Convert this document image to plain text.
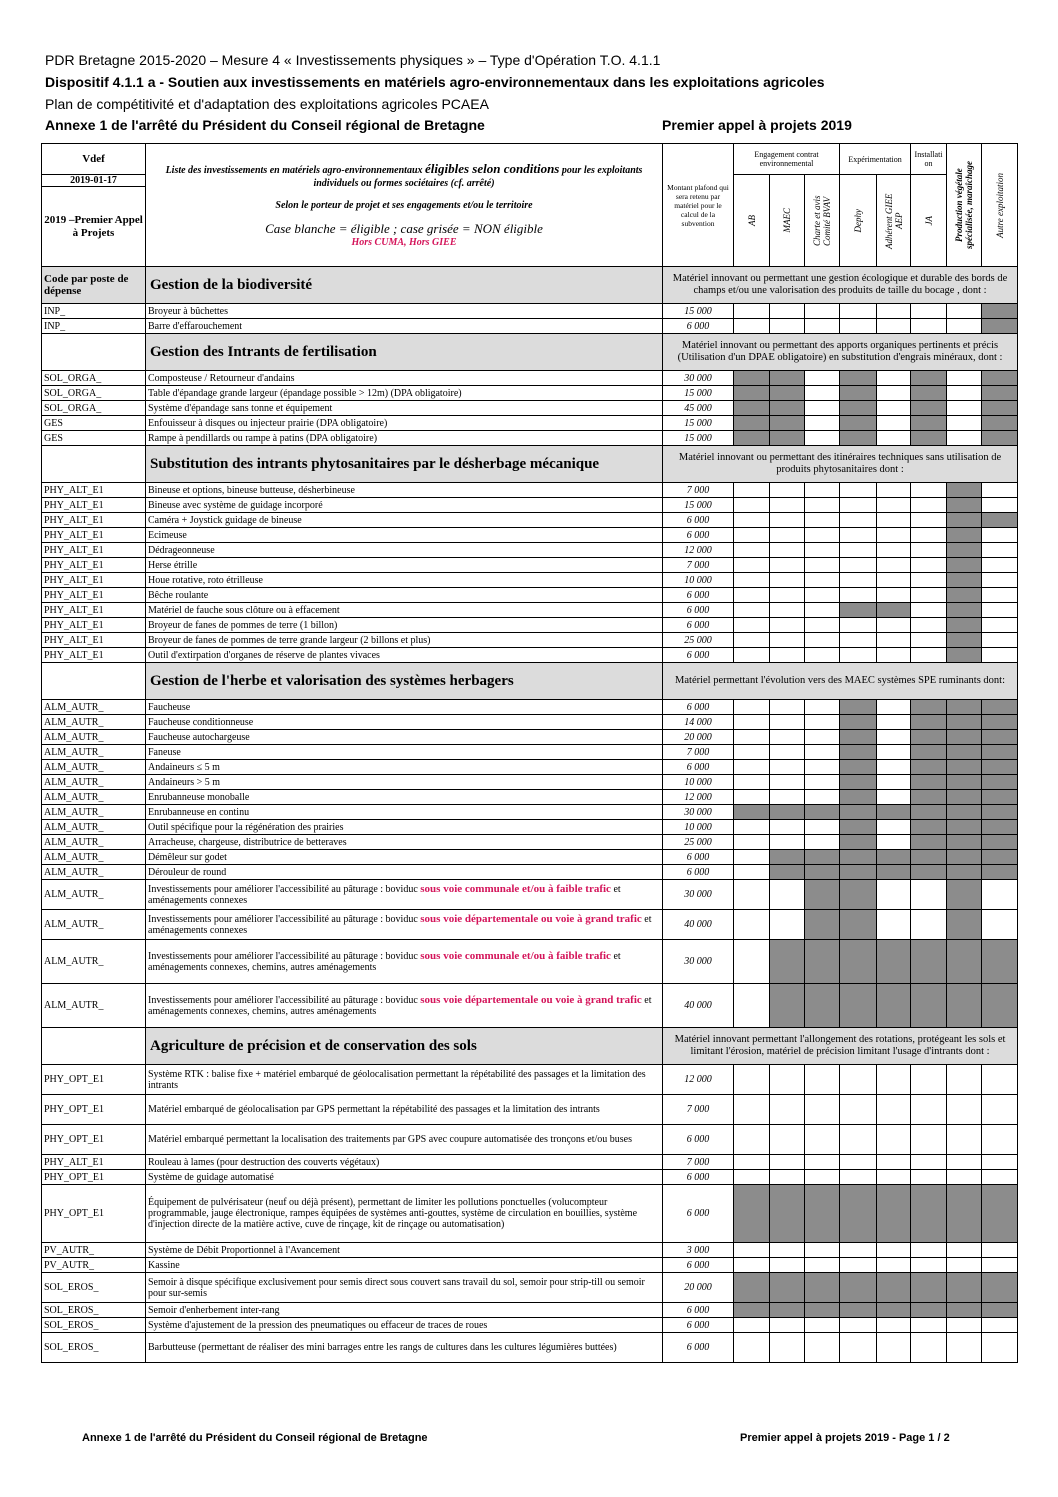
PDR Bretagne 2015-2020 – Mesure 4 « Investissements physiques » – Type d'Opération T.O. 4.1.1
Dispositif 4.1.1 a - Soutien aux investissements en matériels agro-environnementaux dans les exploitations agricoles
Plan de compétitivité et d'adaptation des exploitations agricoles PCAEA
Annexe 1 de l'arrêté du Président du Conseil régional de Bretagne	Premier appel à projets 2019
Vdef	Liste des investissements en matériels agro-environnementaux éligibles selon conditions pour les exploitants individuels ou formes sociétaires (cf. arrêté)
Selon le porteur de projet et ses engagements et/ou le territoire
Case blanche = éligible ; case grisée = NON éligible
Hors CUMA, Hors GIEE	Montant plafond qui sera retenu par matériel pour le calcul de la subvention	Engagement contrat environnemental			Expérimentation		Installation	Production végétale spécialisée, maraîchage	Autre exploitation

2019-01-17			AB	MAEC	Charte et avis Comité BVAV	Dephy	Adhérent GIEE AEP	JA		

2019 –Premier Appel à Projets										
Code par poste de dépense	Gestion de la biodiversité	Matériel innovant ou permettant une gestion écologique et durable des bords de champs et/ou une valorisation des produits de taille du bocage , dont :								
INP_	Broyeur à bûchettes	15 000								
INP_	Barre d'effarouchement	6 000								
	Gestion des Intrants de fertilisation	Matériel innovant ou permettant des apports organiques pertinents et précis (Utilisation d'un DPAE obligatoire) en substitution d'engrais minéraux, dont :								
SOL_ORGA_	Composteuse / Retourneur d'andains	30 000								
SOL_ORGA_	Table d'épandage grande largeur (épandage possible > 12m) (DPA obligatoire)	15 000								
SOL_ORGA_	Système d'épandage sans tonne et équipement	45 000								
GES	Enfouisseur à disques ou injecteur prairie (DPA obligatoire)	15 000								
GES	Rampe à pendillards ou rampe à patins (DPA obligatoire)	15 000								
	Substitution des intrants phytosanitaires par le désherbage mécanique	Matériel innovant ou permettant des itinéraires techniques sans utilisation de produits phytosanitaires dont :								
PHY_ALT_E1	Bineuse et options, bineuse butteuse, désherbineuse	7 000								
PHY_ALT_E1	Bineuse avec système de guidage incorporé	15 000								
PHY_ALT_E1	Caméra + Joystick guidage de bineuse	6 000								
PHY_ALT_E1	Ecimeuse	6 000								
PHY_ALT_E1	Dédrageonneuse	12 000								
PHY_ALT_E1	Herse étrille	7 000								
PHY_ALT_E1	Houe rotative, roto étrilleuse	10 000								
PHY_ALT_E1	Bêche roulante	6 000								
PHY_ALT_E1	Matériel de fauche sous clôture ou à effacement	6 000								
PHY_ALT_E1	Broyeur de fanes de pommes de terre (1 billon)	6 000								
PHY_ALT_E1	Broyeur de fanes de pommes de terre grande largeur (2 billons et plus)	25 000								
PHY_ALT_E1	Outil d'extirpation d'organes de réserve de plantes vivaces	6 000								
	Gestion de l'herbe et valorisation des systèmes herbagers	Matériel permettant l'évolution vers des MAEC systèmes SPE ruminants dont:								
ALM_AUTR_	Faucheuse	6 000								
ALM_AUTR_	Faucheuse conditionneuse	14 000								
ALM_AUTR_	Faucheuse autochargeuse	20 000								
ALM_AUTR_	Faneuse	7 000								
ALM_AUTR_	Andaineurs ≤ 5 m	6 000								
ALM_AUTR_	Andaineurs > 5 m	10 000								
ALM_AUTR_	Enrubanneuse monoballe	12 000								
ALM_AUTR_	Enrubanneuse en continu	30 000								
ALM_AUTR_	Outil spécifique pour la régénération des prairies	10 000								
ALM_AUTR_	Arracheuse, chargeuse, distributrice de betteraves	25 000								
ALM_AUTR_	Démêleur sur godet	6 000								
ALM_AUTR_	Dérouleur de round	6 000								
ALM_AUTR_	Investissements pour améliorer l'accessibilité au pâturage : boviduc sous voie communale et/ou à faible trafic et aménagements connexes	30 000								
ALM_AUTR_	Investissements pour améliorer l'accessibilité au pâturage : boviduc sous voie départementale ou voie à grand trafic et aménagements connexes	40 000								
ALM_AUTR_	Investissements pour améliorer l'accessibilité au pâturage : boviduc sous voie communale et/ou à faible trafic et aménagements connexes, chemins, autres aménagements	30 000								
ALM_AUTR_	Investissements pour améliorer l'accessibilité au pâturage : boviduc sous voie départementale ou voie à grand trafic et aménagements connexes, chemins, autres aménagements	40 000								
	Agriculture de précision et de conservation des sols	Matériel innovant permettant l'allongement des rotations, protégeant les sols et limitant l'érosion, matériel de précision limitant l'usage d'intrants dont :								
PHY_OPT_E1	Système RTK : balise fixe + matériel embarqué de géolocalisation permettant la répétabilité des passages et la limitation des intrants	12 000								
PHY_OPT_E1	Matériel embarqué de géolocalisation par GPS permettant la répétabilité des passages et la limitation des intrants	7 000								
PHY_OPT_E1	Matériel embarqué permettant la localisation des traitements par GPS avec coupure automatisée des tronçons et/ou buses	6 000								
PHY_ALT_E1	Rouleau à lames (pour destruction des couverts végétaux)	7 000								
PHY_OPT_E1	Système de guidage automatisé	6 000								
PHY_OPT_E1	Équipement de pulvérisateur (neuf ou déjà présent), permettant de limiter les pollutions ponctuelles (volucompteur programmable, jauge électronique, rampes équipées de systèmes anti-gouttes, système de circulation en bouillies, système d'injection directe de la matière active, cuve de rinçage, kit de rinçage ou automatisation)	6 000								
PV_AUTR_	Système de Débit Proportionnel à l'Avancement	3 000								
PV_AUTR_	Kassine	6 000								
SOL_EROS_	Semoir à disque spécifique exclusivement pour semis direct sous couvert sans travail du sol, semoir pour strip-till ou semoir pour sur-semis	20 000								
SOL_EROS_	Semoir d'enherbement inter-rang	6 000								
SOL_EROS_	Système d'ajustement de la pression des pneumatiques ou effaceur de traces de roues	6 000								
SOL_EROS_	Barbutteuse (permettant de réaliser des mini barrages entre les rangs de cultures dans les cultures légumières buttées)	6 000								
Annexe 1 de l'arrêté du Président du Conseil régional de Bretagne	Premier appel à projets 2019 - Page 1 / 2
